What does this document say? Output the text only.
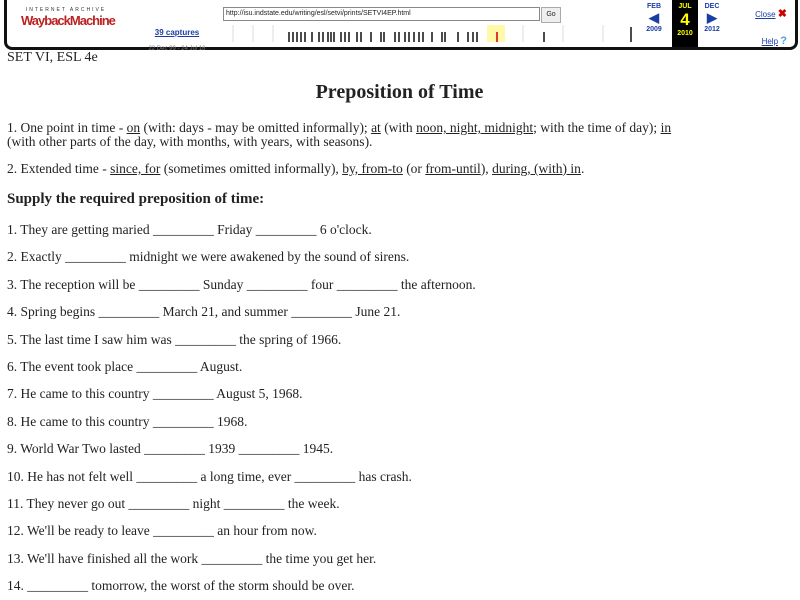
INTERNET ARCHIVE
WaybackMachine
39 captures
22 Dec 99 - 24 Jul 16
http://isu.indstate.edu/writing/esl/setvi/prints/SETVI4EP.html	Go
FEB
◀
2009
JUL
4
2010
DEC
▶
2012
Close ✖
Help ?
SET VI, ESL 4e
Preposition of Time
1. One point in time - on (with: days - may be omitted informally); at (with noon, night, midnight; with the time of day); in
(with other parts of the day, with months, with years, with seasons).
2. Extended time - since, for (sometimes omitted informally), by, from-to (or from-until), during, (with) in.
Supply the required preposition of time:
1. They are getting maried _________ Friday _________ 6 o'clock.
2. Exactly _________ midnight we were awakened by the sound of sirens.
3. The reception will be _________ Sunday _________ four _________ the afternoon.
4. Spring begins _________ March 21, and summer _________ June 21.
5. The last time I saw him was _________ the spring of 1966.
6. The event took place _________ August.
7. He came to this country _________ August 5, 1968.
8. He came to this country _________ 1968.
9. World War Two lasted _________ 1939 _________ 1945.
10. He has not felt well _________ a long time, ever _________ has crash.
11. They never go out _________ night _________ the week.
12. We'll be ready to leave _________ an hour from now.
13. We'll have finished all the work _________ the time you get her.
14. _________ tomorrow, the worst of the storm should be over.
